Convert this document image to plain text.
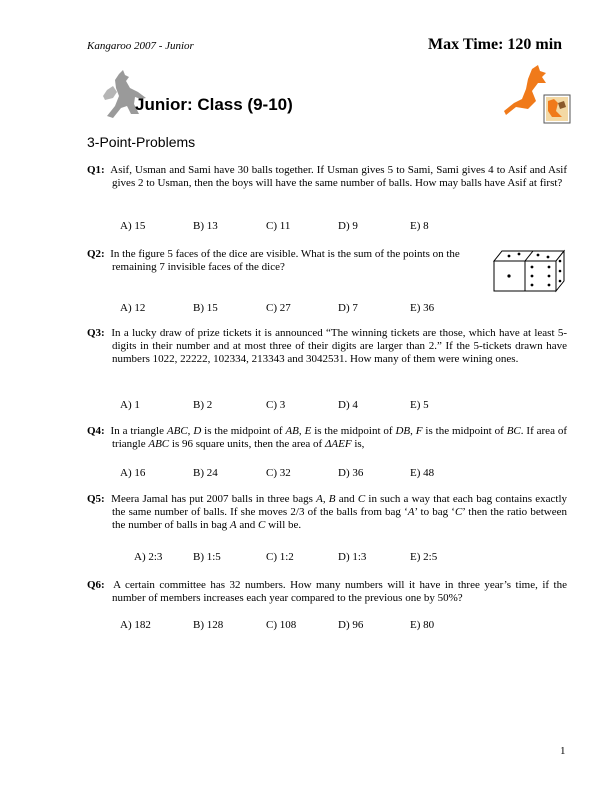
Kangaroo 2007 - Junior	Max Time: 120 min
Junior: Class (9-10)
3-Point-Problems
Q1: Asif, Usman and Sami have 30 balls together. If Usman gives 5 to Sami, Sami gives 4 to Asif and Asif gives 2 to Usman, then the boys will have the same number of balls. How may balls have Asif at first?
A) 15	B) 13	C) 11	D) 9	E) 8
Q2: In the figure 5 faces of the dice are visible. What is the sum of the points on the remaining 7 invisible faces of the dice?
A) 12	B) 15	C) 27	D) 7	E) 36
Q3: In a lucky draw of prize tickets it is announced “The winning tickets are those, which have at least 5-digits in their number and at most three of their digits are larger than 2.” If the 5-tickets drawn have numbers 1022, 22222, 102334, 213343 and 3042531. How many of them were wining ones.
A) 1	B) 2	C) 3	D) 4	E) 5
Q4: In a triangle ABC, D is the midpoint of AB, E is the midpoint of DB, F is the midpoint of BC. If area of triangle ABC is 96 square units, then the area of ΔAEF is,
A) 16	B) 24	C) 32	D) 36	E) 48
Q5: Meera Jamal has put 2007 balls in three bags A, B and C in such a way that each bag contains exactly the same number of balls. If she moves 2/3 of the balls from bag ‘A’ to bag ‘C’ then the ratio between the number of balls in bag A and C will be.
A) 2:3	B) 1:5	C) 1:2	D) 1:3	E) 2:5
Q6: A certain committee has 32 numbers. How many numbers will it have in three year’s time, if the number of members increases each year compared to the previous one by 50%?
A) 182	B) 128	C) 108	D) 96	E) 80
1
